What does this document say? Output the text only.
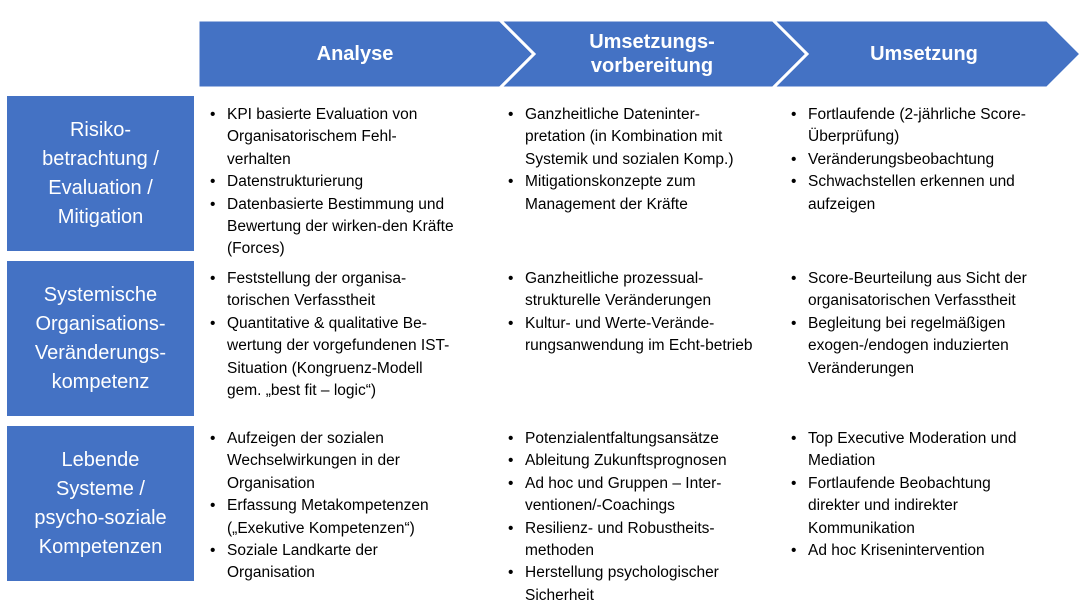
Analyse
Umsetzungs-
vorbereitung
Umsetzung
Risiko-
betrachtung /
Evaluation /
Mitigation
• KPI basierte Evaluation von
Organisatorischem Fehl-
verhalten
• Datenstrukturierung
• Datenbasierte Bestimmung und
Bewertung der wirken-den Kräfte
(Forces)
• Ganzheitliche Dateninter-
pretation (in Kombination mit
Systemik und sozialen Komp.)
• Mitigationskonzepte zum
Management der Kräfte
• Fortlaufende (2-jährliche Score-
Überprüfung)
• Veränderungsbeobachtung
• Schwachstellen erkennen und
aufzeigen
Systemische
Organisations-
Veränderungs-
kompetenz
• Feststellung der organisa-
torischen Verfasstheit
• Quantitative & qualitative Be-
wertung der vorgefundenen IST-
Situation (Kongruenz-Modell
gem. „best fit – logic“)
• Ganzheitliche prozessual-
strukturelle Veränderungen
• Kultur- und Werte-Verände-
rungsanwendung im Echt-betrieb
• Score-Beurteilung aus Sicht der
organisatorischen Verfasstheit
• Begleitung bei regelmäßigen
exogen-/endogen induzierten
Veränderungen
Lebende
Systeme /
psycho-soziale
Kompetenzen
• Aufzeigen der sozialen
Wechselwirkungen in der
Organisation
• Erfassung Metakompetenzen
(„Exekutive Kompetenzen“)
• Soziale Landkarte der
Organisation
• Potenzialentfaltungsansätze
• Ableitung Zukunftsprognosen
• Ad hoc und Gruppen – Inter-
ventionen/-Coachings
• Resilienz- und Robustheits-
methoden
• Herstellung psychologischer
Sicherheit
• Top Executive Moderation und
Mediation
• Fortlaufende Beobachtung
direkter und indirekter
Kommunikation
• Ad hoc Krisenintervention
